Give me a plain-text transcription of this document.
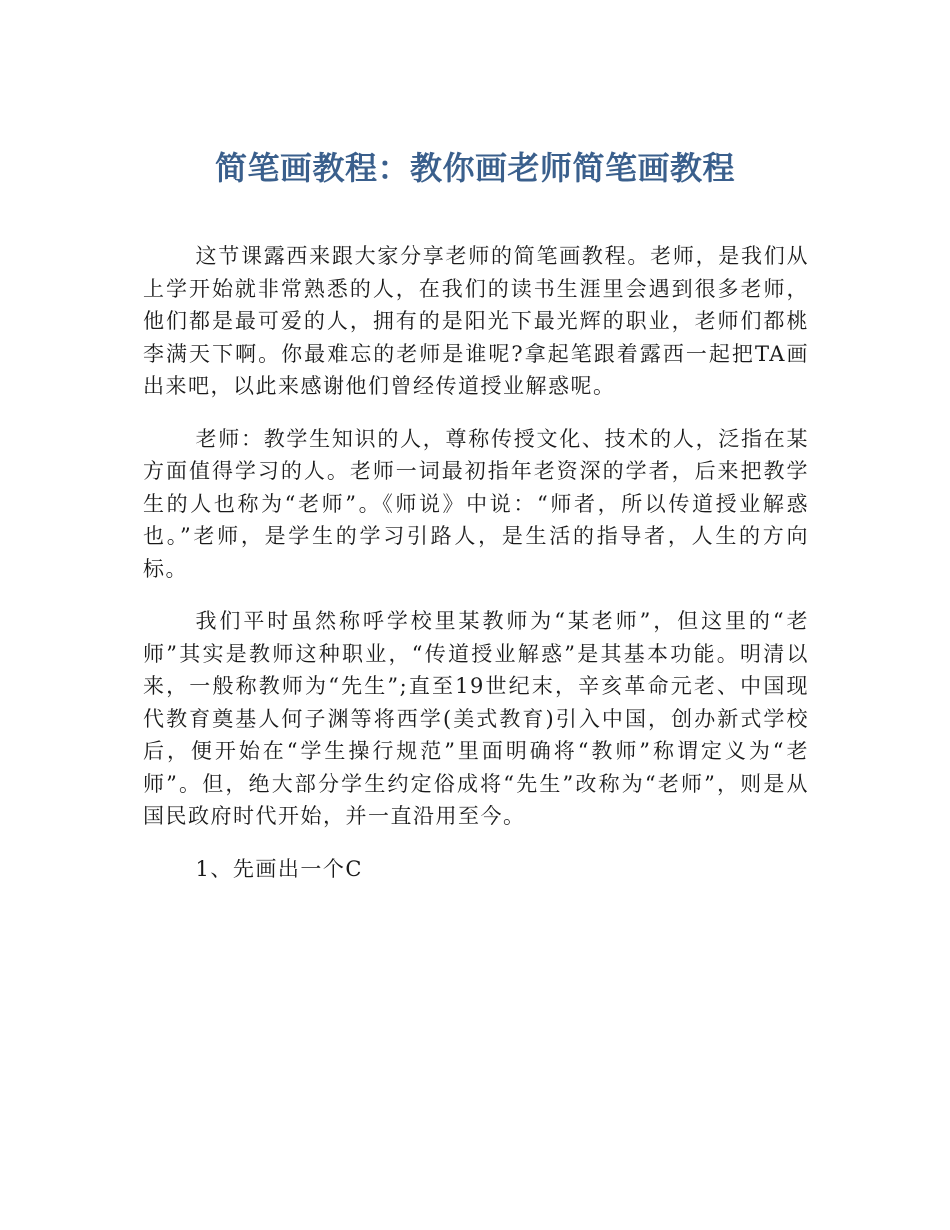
简笔画教程：教你画老师简笔画教程

这节课露西来跟大家分享老师的简笔画教程。老师，是我们从上学开始就非常熟悉的人，在我们的读书生涯里会遇到很多老师，他们都是最可爱的人，拥有的是阳光下最光辉的职业，老师们都桃李满天下啊。你最难忘的老师是谁呢?拿起笔跟着露西一起把TA画出来吧，以此来感谢他们曾经传道授业解惑呢。

老师：教学生知识的人，尊称传授文化、技术的人，泛指在某方面值得学习的人。老师一词最初指年老资深的学者，后来把教学生的人也称为“老师”。《师说》中说：“师者，所以传道授业解惑也。”老师，是学生的学习引路人，是生活的指导者，人生的方向标。

我们平时虽然称呼学校里某教师为“某老师”，但这里的“老师”其实是教师这种职业，“传道授业解惑”是其基本功能。明清以来，一般称教师为“先生”;直至19世纪末，辛亥革命元老、中国现代教育奠基人何子渊等将西学(美式教育)引入中国，创办新式学校后，便开始在“学生操行规范”里面明确将“教师”称谓定义为“老师”。但，绝大部分学生约定俗成将“先生”改称为“老师”，则是从国民政府时代开始，并一直沿用至今。

1、先画出一个C
